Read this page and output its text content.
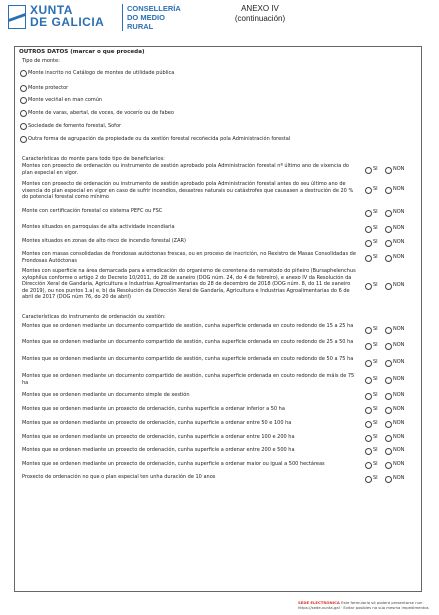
XUNTA
DE GALICIA
CONSELLERÍA
DO MEDIO
RURAL
ANEXO IV
(continuación)
OUTROS DATOS (marcar o que proceda)
Tipo de monte:
Monte inscrito no Catálogo de montes de utilidade pública
Monte protector
Monte veciñal en man común
Monte de varas, abertal, de voces, de vocerío ou de fabeo
Sociedade de fomento forestal, Sofor
Outra forma de agrupación da propiedade ou da xestión forestal recoñecida pola Administración forestal
Características do monte para todo tipo de beneficiarios:
Montes con proxecto de ordenación ou instrumento de xestión aprobado pola Administración forestal nº último ano de vixencia do plan especial en vigor.
SI	NON
Montes con proxecto de ordenación ou instrumento de xestión aprobado pola Administración forestal antes do seu último ano de vixencia do plan especial en vigor en caso de sufrir incendios, desastres naturais ou catástrofes que causasen a destrución de 20 % do potencial forestal como mínimo
SI	NON
Monte con certificación forestal co sistema PEFC ou FSC	SI	NON
Montes situados en parroquias de alta actividade incendiaria	SI	NON
Montes situados en zonas de alto risco de incendio forestal (ZAR)	SI	NON
Montes con masas consolidadas de frondosas autóctonas frescas, ou en proceso de inscrición, no Rexistro de Masas Consolidadas de Frondosas Autóctonas
SI	NON
Montes con superficie na área demarcada para a erradicación do organismo de corentena do nematodo do piñeiro (Bursaphelenchus xylophilus conforme o artigo 2 do Decreto 10/2011, do 28 de xaneiro (DOG núm. 24, do 4 de febreiro), e anexo IV da Resolución da Dirección Xeral de Gandaría, Agricultura e Industrias Agroalimentarias do 28 de decembro de 2018 (DOG núm. 8, do 11 de xaneiro de 2019), ou nos puntos 1.a) e, b) da Resolución da Dirección Xeral de Gandaría, Agricultura e Industrias Agroalimentarias do 6 de abril de 2017 (DOG núm 76, do 20 de abril)
SI	NON
Características do instrumento de ordenación ou xestión:
Montes que se ordenen mediante un documento compartido de xestión, cunha superficie ordenada en couto redondo de 15 a 25 ha	SI	NON
Montes que se ordenen mediante un documento compartido de xestión, cunha superficie ordenada en couto redondo de 25 a 50 ha	SI	NON
Montes que se ordenen mediante un documento compartido de xestión, cunha superficie ordenada en couto redondo de 50 a 75 ha	SI	NON
Montes que se ordenen mediante un documento compartido de xestión, cunha superficie ordenada en couto redondo de máis de 75 ha
SI	NON
Montes que se ordenen mediante un documento simple de xestión	SI	NON
Montes que se ordenen mediante un proxecto de ordenación, cunha superficie a ordenar inferior a 50 ha	SI	NON
Montes que se ordenen mediante un proxecto de ordenación, cunha superficie a ordenar entre 50 e 100 ha	SI	NON
Montes que se ordenen mediante un proxecto de ordenación, cunha superficie a ordenar entre 100 e 200 ha	SI	NON
Montes que se ordenen mediante un proxecto de ordenación, cunha superficie a ordenar entre 200 e 500 ha	SI	NON
Montes que se ordenen mediante un proxecto de ordenación, cunha superficie a ordenar maior ou igual a 500 hectáreas	SI	NON
Proxecto de ordenación no que o plan especial ten unha duración de 10 anos	SI	NON
SEDE ELECTRÓNICA Este formulario só poderá presentarse nun
https://sede.xunta.gal · Evitar posibles na súa mesma impedimentos
